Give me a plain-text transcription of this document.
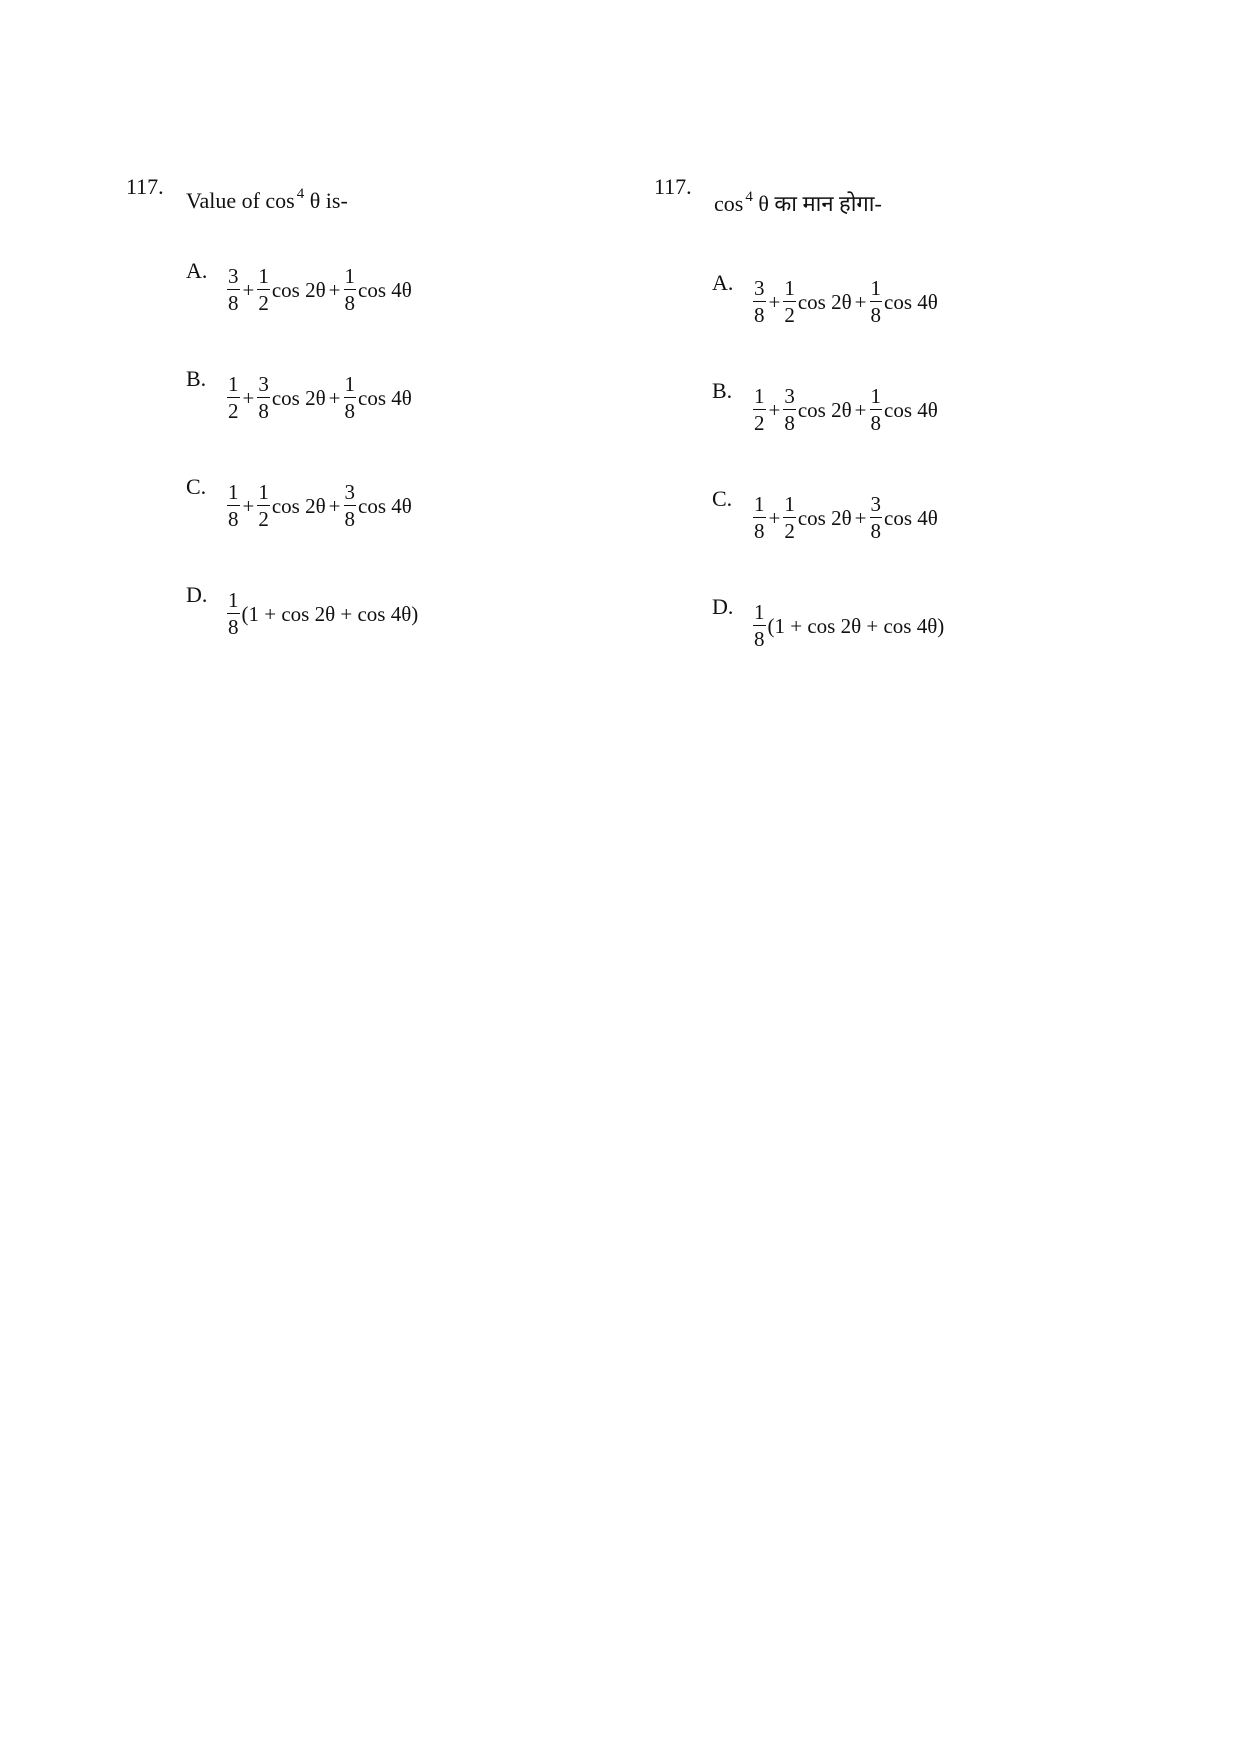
117.
Value of cos $^4$ θ is-
A. $\frac{3}{8} + \frac{1}{2}$ $\cos 2\theta + \frac{1}{8}$ cos 4θ
B. $\frac{1}{2} + \frac{3}{8}$ $\cos 2\theta + \frac{1}{8}$ cos 4θ
C. $\frac{1}{8} + \frac{1}{2}$ $\cos 2\theta + \frac{3}{8}$ cos 4θ
D. $\frac{1}{8} (1 + \cos 2\theta + \cos 4\theta)$
117.
cos $^4$ θ का मान होगा-
A. $\frac{3}{8} + \frac{1}{2}$ $\cos 2\theta + \frac{1}{8}$ cos 4θ
B. $\frac{1}{2} + \frac{3}{8}$ $\cos 2\theta + \frac{1}{8}$ cos 4θ
C. $\frac{1}{8} + \frac{1}{2}$ $\cos 2\theta + \frac{3}{8}$ cos 4θ
D. $\frac{1}{8} (1 + \cos 2\theta + \cos 4\theta)$
